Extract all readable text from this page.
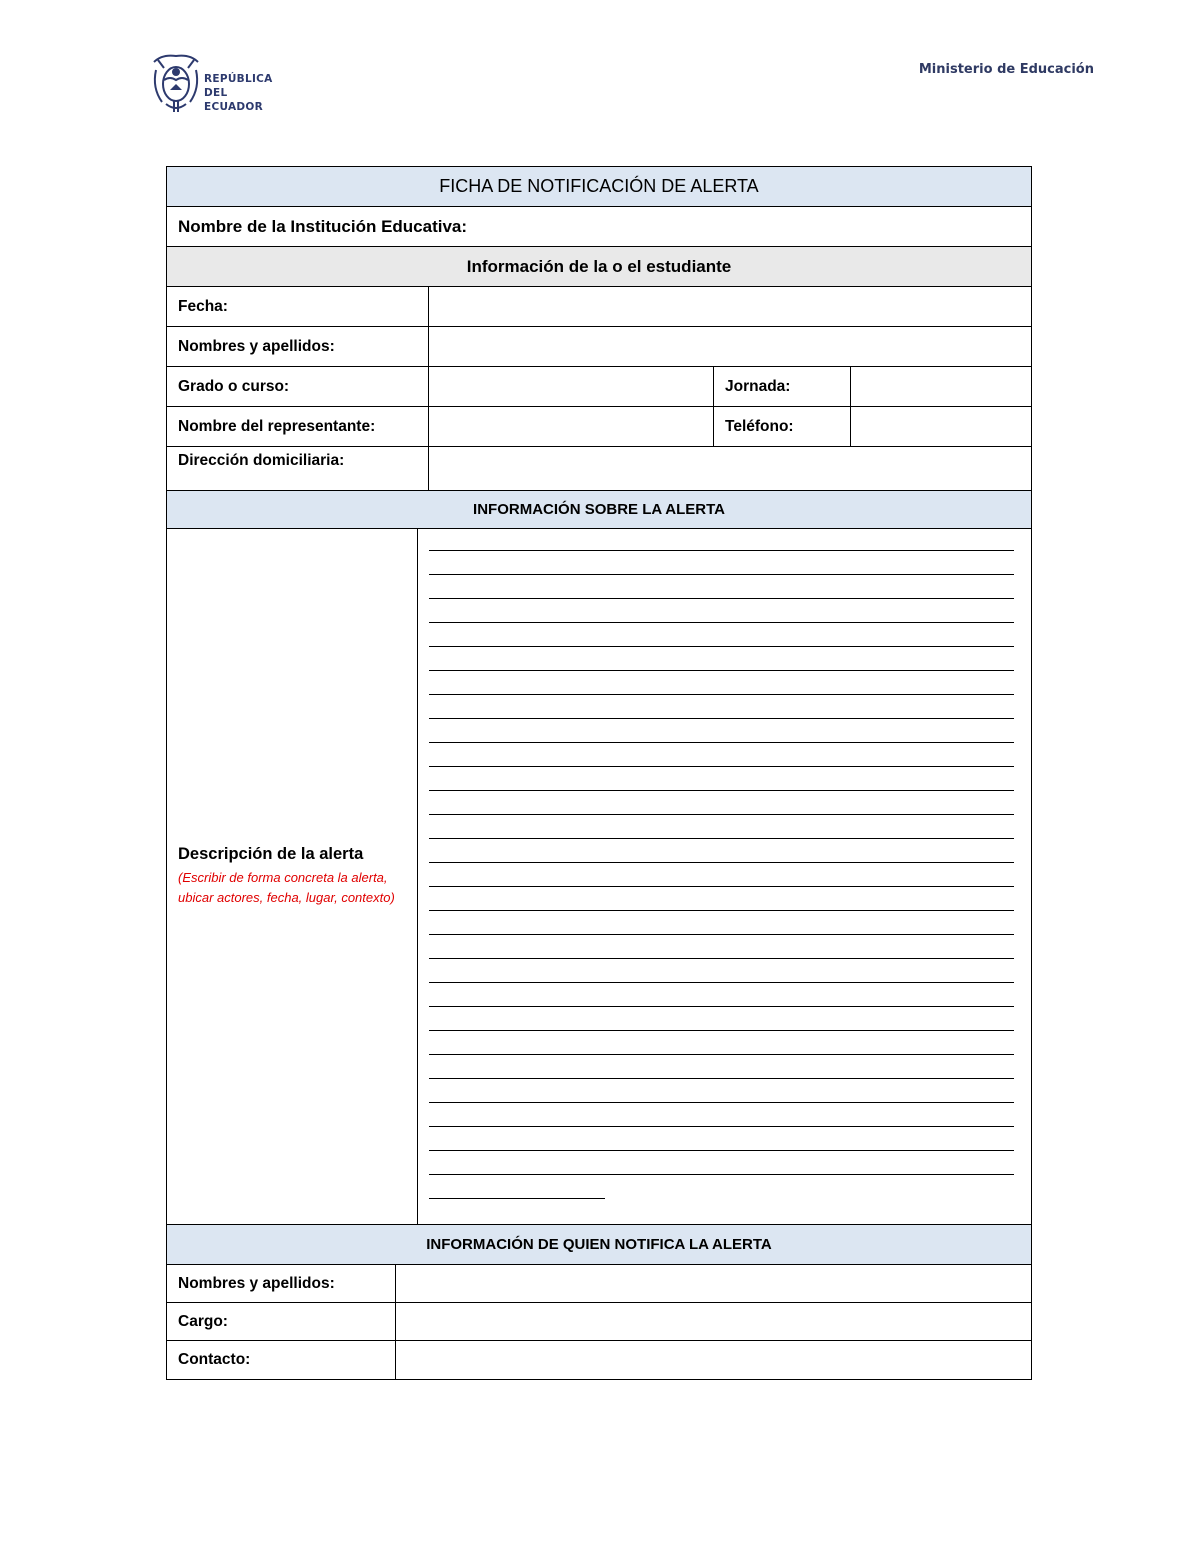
REPÚBLICA
DEL ECUADOR
Ministerio de Educación
FICHA DE NOTIFICACIÓN DE ALERTA
Nombre de la Institución Educativa:
Información de la o el estudiante
Fecha:
Nombres y apellidos:
Grado o curso:	Jornada:
Nombre del representante:	Teléfono:
Dirección domiciliaria:
INFORMACIÓN SOBRE LA ALERTA
Descripción de la alerta
(Escribir de forma concreta la alerta, ubicar actores, fecha, lugar, contexto)
INFORMACIÓN DE QUIEN NOTIFICA LA ALERTA
Nombres y apellidos:
Cargo:
Contacto:
